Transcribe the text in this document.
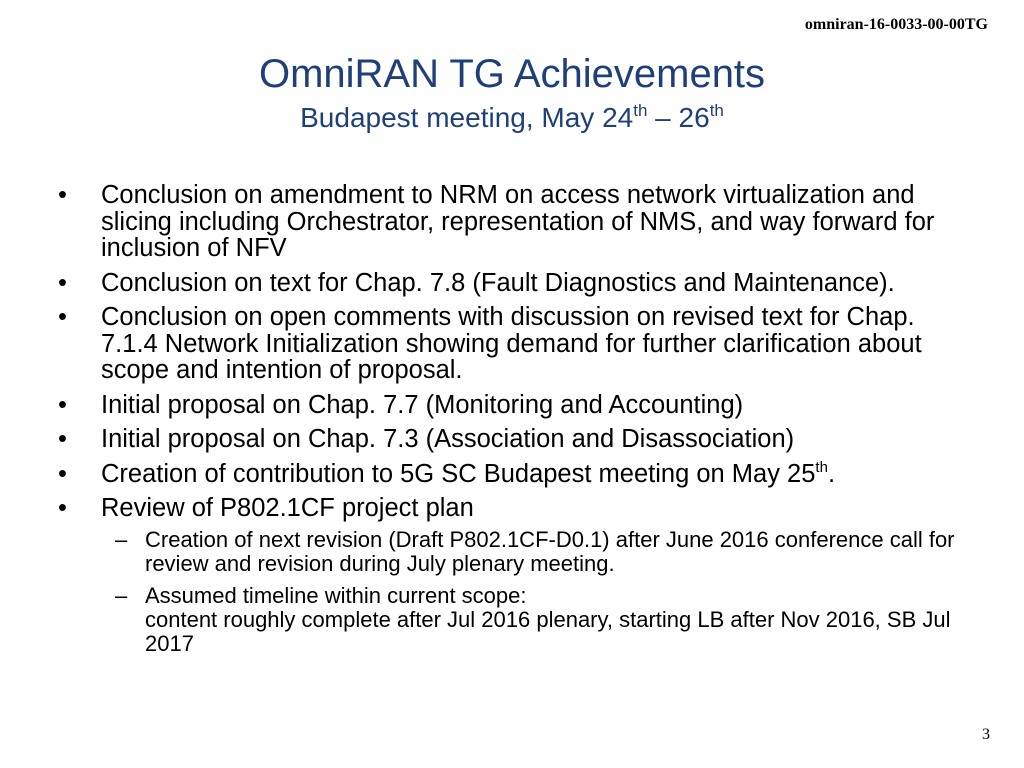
omniran-16-0033-00-00TG
OmniRAN TG Achievements
Budapest meeting, May 24th – 26th
• Conclusion on amendment to NRM on access network virtualization and slicing including Orchestrator, representation of NMS, and way forward for inclusion of NFV
• Conclusion on text for Chap. 7.8 (Fault Diagnostics and Maintenance).
• Conclusion on open comments with discussion on revised text for Chap. 7.1.4 Network Initialization showing demand for further clarification about scope and intention of proposal.
• Initial proposal on Chap. 7.7 (Monitoring and Accounting)
• Initial proposal on Chap. 7.3 (Association and Disassociation)
• Creation of contribution to 5G SC Budapest meeting on May 25th.
• Review of P802.1CF project plan
– Creation of next revision (Draft P802.1CF-D0.1) after June 2016 conference call for review and revision during July plenary meeting.
– Assumed timeline within current scope:
content roughly complete after Jul 2016 plenary, starting LB after Nov 2016, SB Jul 2017
3
